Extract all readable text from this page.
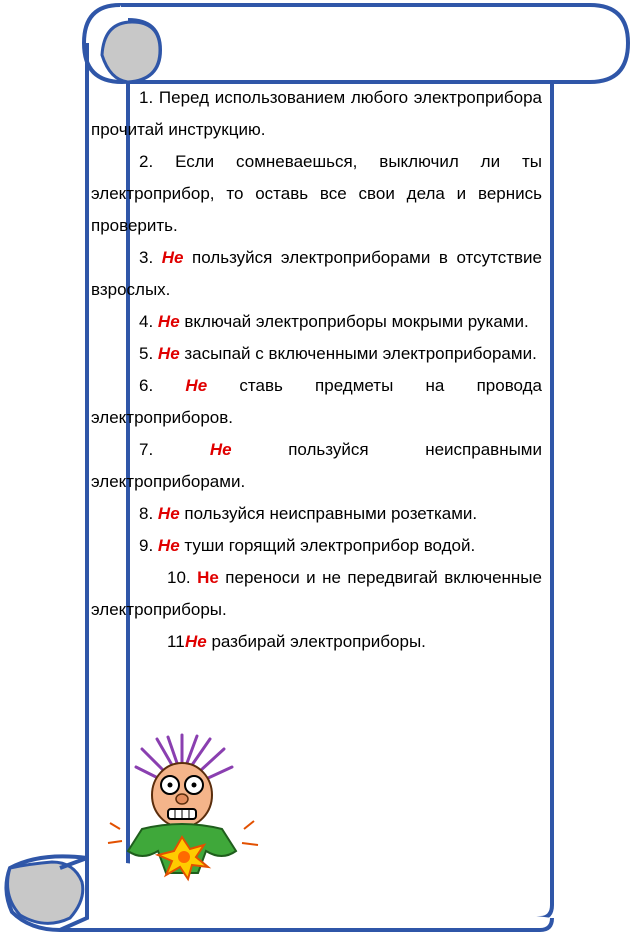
1. Перед использованием любого электроприбора прочитай инструкцию.
2. Если сомневаешься, выключил ли ты электроприбор, то оставь все свои дела и вернись проверить.
3. Не пользуйся электроприборами в отсутствие взрослых.
4. Не включай электроприборы мокрыми руками.
5. Не засыпай с включенными электроприборами.
6. Не ставь предметы на провода электроприборов.
7.	Не	пользуйся неисправными электроприборами.
8. Не пользуйся неисправными розетками.
9. Не туши горящий электроприбор водой.
10. Не переноси и не передвигай включенные электроприборы.
11.Не разбирай электроприборы.
